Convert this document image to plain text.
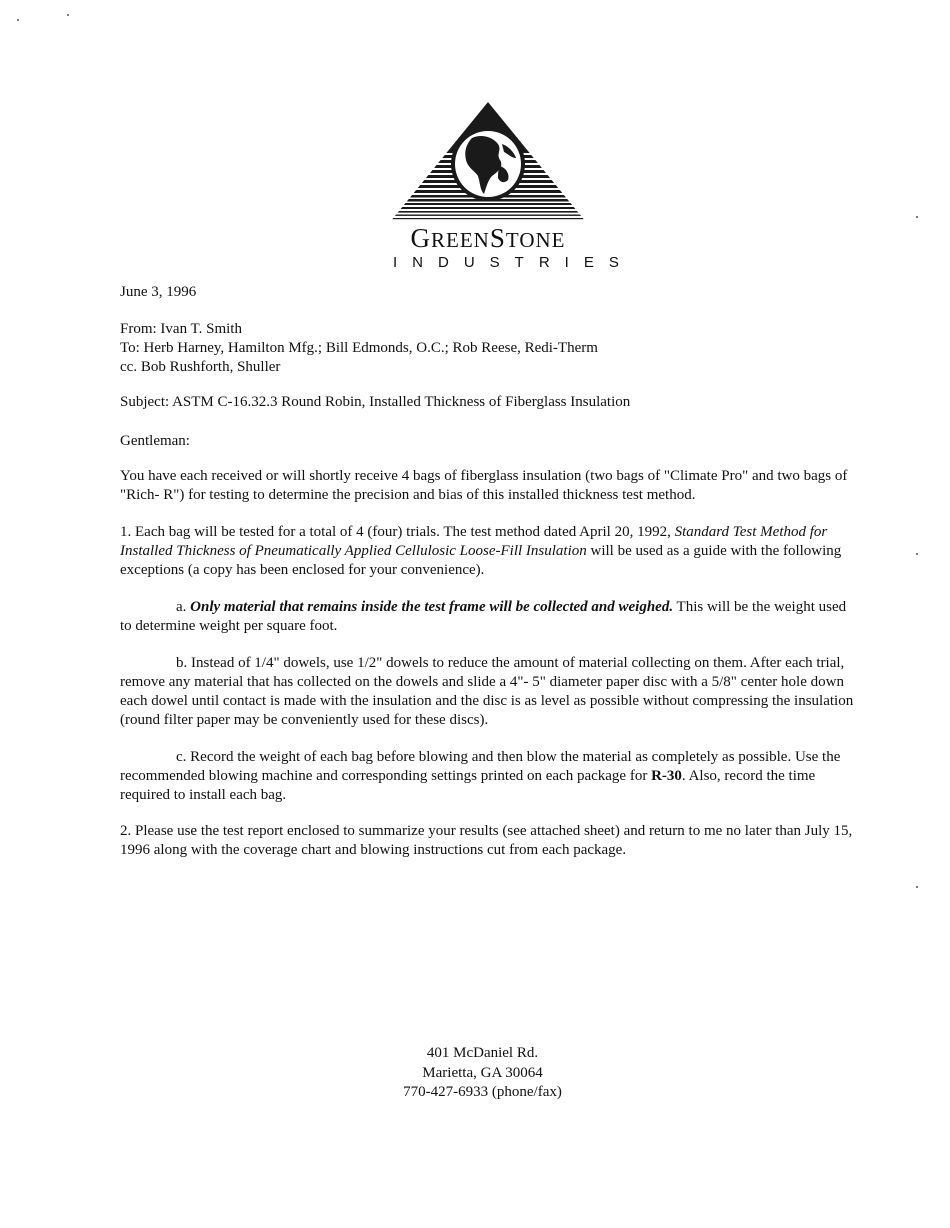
GREENSTONE
INDUSTRIES
June 3, 1996
From: Ivan T. Smith
To: Herb Harney, Hamilton Mfg.; Bill Edmonds, O.C.; Rob Reese, Redi-Therm
cc. Bob Rushforth, Shuller
Subject: ASTM C-16.32.3 Round Robin, Installed Thickness of Fiberglass Insulation
Gentleman:
You have each received or will shortly receive 4 bags of fiberglass insulation (two bags of "Climate Pro" and two bags of "Rich- R") for testing to determine the precision and bias of this installed thickness test method.
1. Each bag will be tested for a total of 4 (four) trials. The test method dated April 20, 1992, Standard Test Method for Installed Thickness of Pneumatically Applied Cellulosic Loose-Fill Insulation will be used as a guide with the following exceptions (a copy has been enclosed for your convenience).
a. Only material that remains inside the test frame will be collected and weighed. This will be the weight used to determine weight per square foot.
b. Instead of 1/4" dowels, use 1/2" dowels to reduce the amount of material collecting on them. After each trial, remove any material that has collected on the dowels and slide a 4"- 5" diameter paper disc with a 5/8" center hole down each dowel until contact is made with the insulation and the disc is as level as possible without compressing the insulation (round filter paper may be conveniently used for these discs).
c. Record the weight of each bag before blowing and then blow the material as completely as possible. Use the recommended blowing machine and corresponding settings printed on each package for R-30. Also, record the time required to install each bag.
2. Please use the test report enclosed to summarize your results (see attached sheet) and return to me no later than July 15, 1996 along with the coverage chart and blowing instructions cut from each package.
401 McDaniel Rd.
Marietta, GA 30064
770-427-6933 (phone/fax)
